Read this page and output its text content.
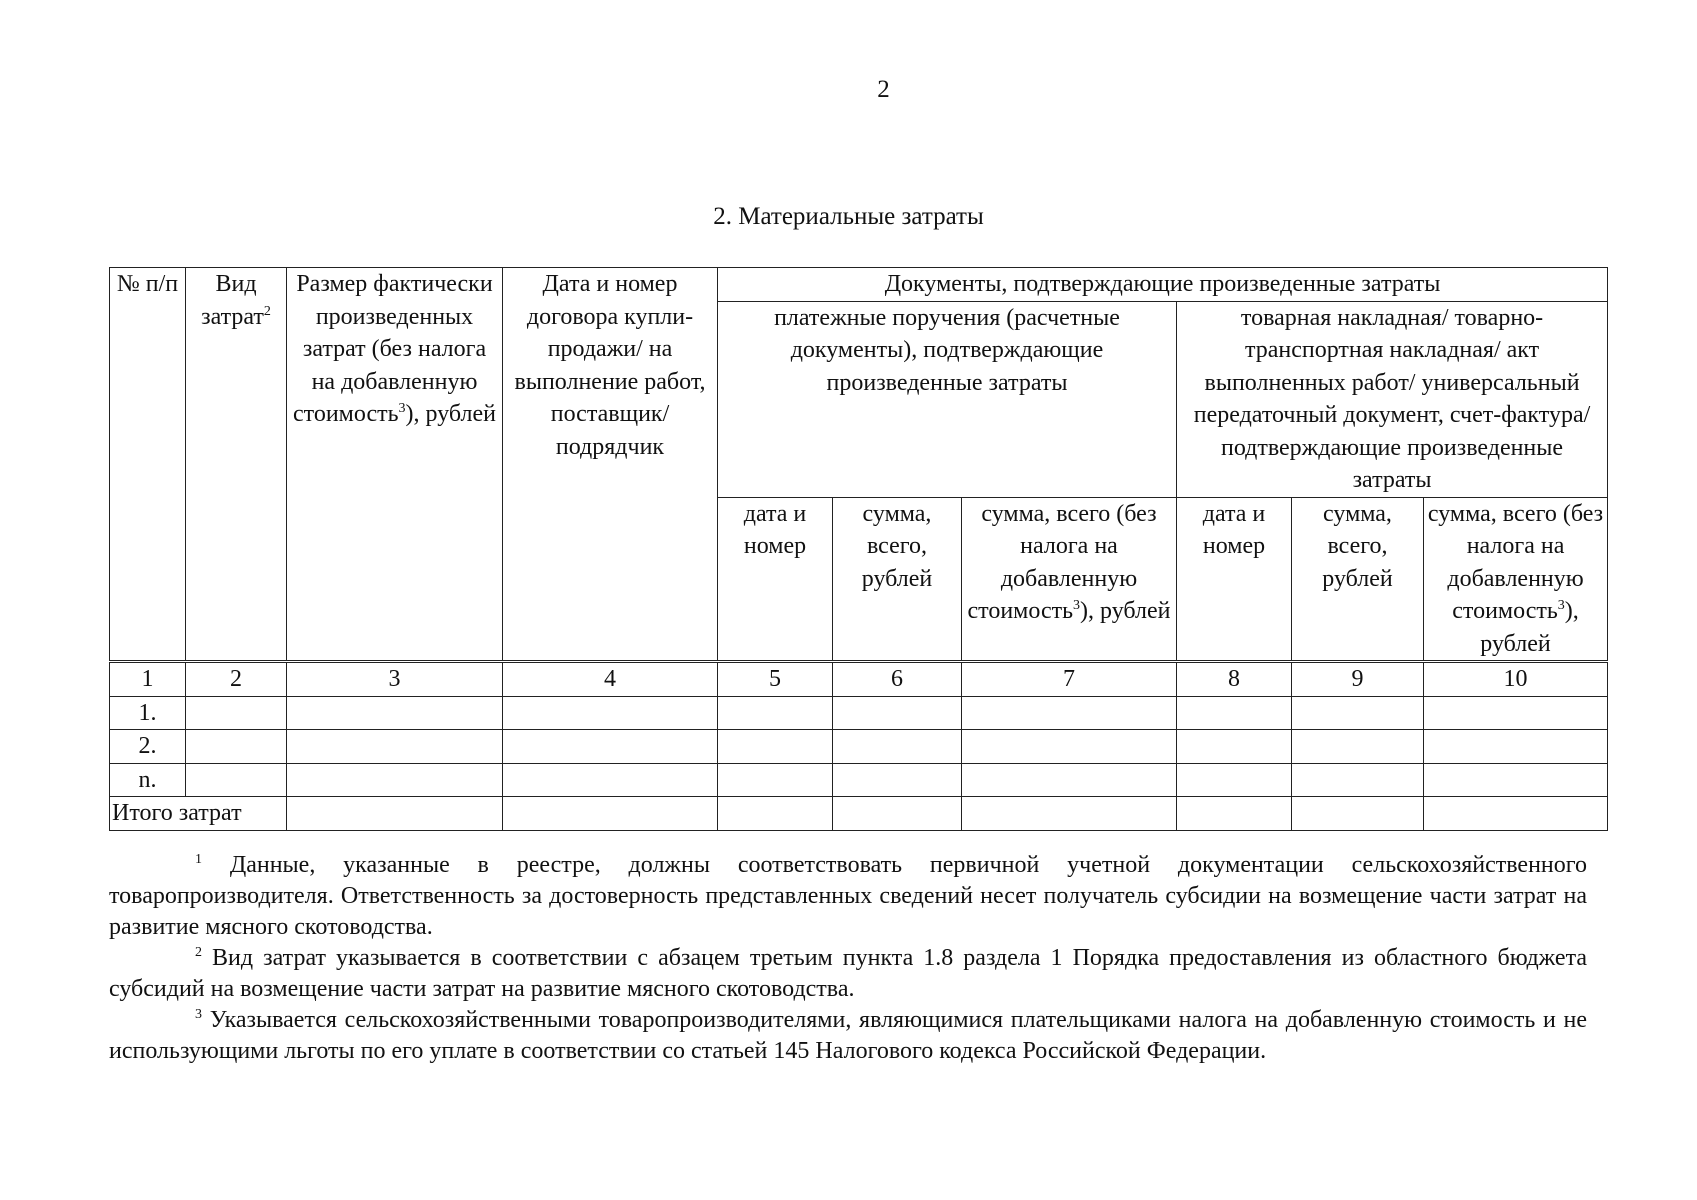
2
2. Материальные затраты
№ п/п	Вид затрат$^2$	Размер фактически произведенных затрат (без налога на добавленную стоимость$^3$), рублей	Дата и номер договора купли-продажи/ на выполнение работ, поставщик/ подрядчик	Документы, подтверждающие произведенные затраты					
				платежные поручения (расчетные документы), подтверждающие произведенные затраты			товарная накладная/ товарно-транспортная накладная/ акт выполненных работ/ универсальный передаточный документ, счет-фактура/ подтверждающие произведенные затраты		
				дата и номер	сумма, всего, рублей	сумма, всего (без налога на добавленную стоимость$^3$), рублей	дата и номер	сумма, всего, рублей	сумма, всего (без налога на добавленную стоимость$^3$), рублей
1	2	3	4	5	6	7	8	9	10
1.									
2.									
n.									
Итого затрат									

$^1$ Данные, указанные в реестре, должны соответствовать первичной учетной документации сельскохозяйственного товаропроизводителя. Ответственность за достоверность представленных сведений несет получатель субсидии на возмещение части затрат на развитие мясного скотоводства.

$^2$ Вид затрат указывается в соответствии с абзацем третьим пункта 1.8 раздела 1 Порядка предоставления из областного бюджета субсидий на возмещение части затрат на развитие мясного скотоводства.

$^3$ Указывается сельскохозяйственными товаропроизводителями, являющимися плательщиками налога на добавленную стоимость и не использующими льготы по его уплате в соответствии со статьей 145 Налогового кодекса Российской Федерации.
